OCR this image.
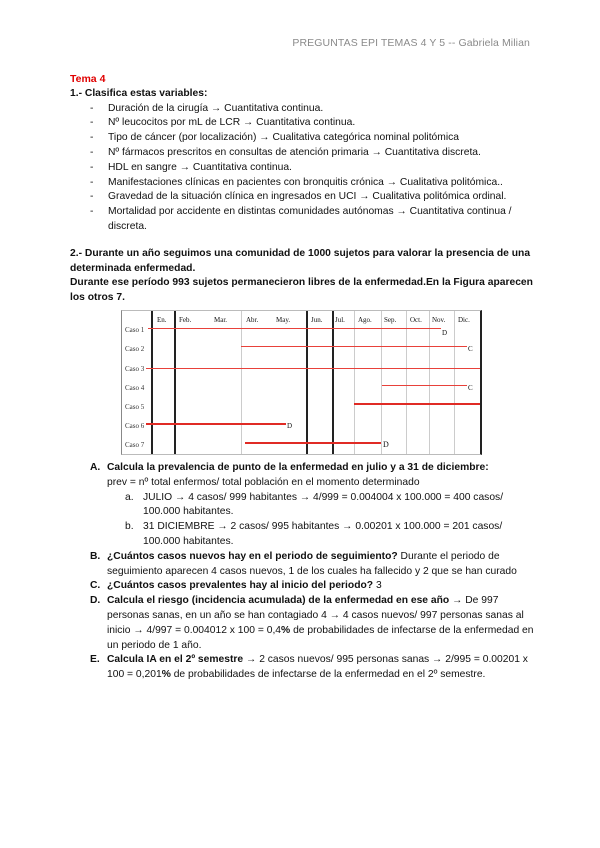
PREGUNTAS EPI TEMAS 4 Y 5 -- Gabriela Milian
Tema 4
1.- Clasifica estas variables:
- Duración de la cirugía → Cuantitativa continua.
- Nº leucocitos por mL de LCR → Cuantitativa continua.
- Tipo de cáncer (por localización) → Cualitativa categórica nominal politómica
- Nº fármacos prescritos en consultas de atención primaria → Cuantitativa discreta.
- HDL en sangre → Cuantitativa continua.
- Manifestaciones clínicas en pacientes con bronquitis crónica → Cualitativa politómica..
- Gravedad de la situación clínica en ingresados en UCI → Cualitativa politómica ordinal.
- Mortalidad por accidente en distintas comunidades autónomas → Cuantitativa continua / discreta.
2.- Durante un año seguimos una comunidad de 1000 sujetos para valorar la presencia de una determinada enfermedad.
Durante ese período 993 sujetos permanecieron libres de la enfermedad.En la Figura aparecen los otros 7.
En. Feb.	Mar.	Abr.	May.	Jun. Jul. Ago. Sep. Oct. Nov. Dic.
Caso 1
Caso 2
Caso 3
Caso 4
Caso 5
Caso 6
Caso 7
D
C
C
D
D
A. Calcula la prevalencia de punto de la enfermedad en julio y a 31 de diciembre:
prev = nº total enfermos/ total población en el momento determinado
a. JULIO → 4 casos/ 999 habitantes → 4/999 = 0.004004 x 100.000 = 400 casos/ 100.000 habitantes.
b. 31 DICIEMBRE → 2 casos/ 995 habitantes → 0.00201 x 100.000 = 201 casos/ 100.000 habitantes.
B. ¿Cuántos casos nuevos hay en el periodo de seguimiento? Durante el periodo de seguimiento aparecen 4 casos nuevos, 1 de los cuales ha fallecido y 2 que se han curado
C. ¿Cuántos casos prevalentes hay al inicio del periodo? 3
D. Calcula el riesgo (incidencia acumulada) de la enfermedad en ese año → De 997 personas sanas, en un año se han contagiado 4 → 4 casos nuevos/ 997 personas sanas al inicio → 4/997 = 0.004012 x 100 = 0,4% de probabilidades de infectarse de la enfermedad en un periodo de 1 año.
E. Calcula IA en el 2º semestre → 2 casos nuevos/ 995 personas sanas → 2/995 = 0.00201 x 100 = 0,201% de probabilidades de infectarse de la enfermedad en el 2º semestre.
